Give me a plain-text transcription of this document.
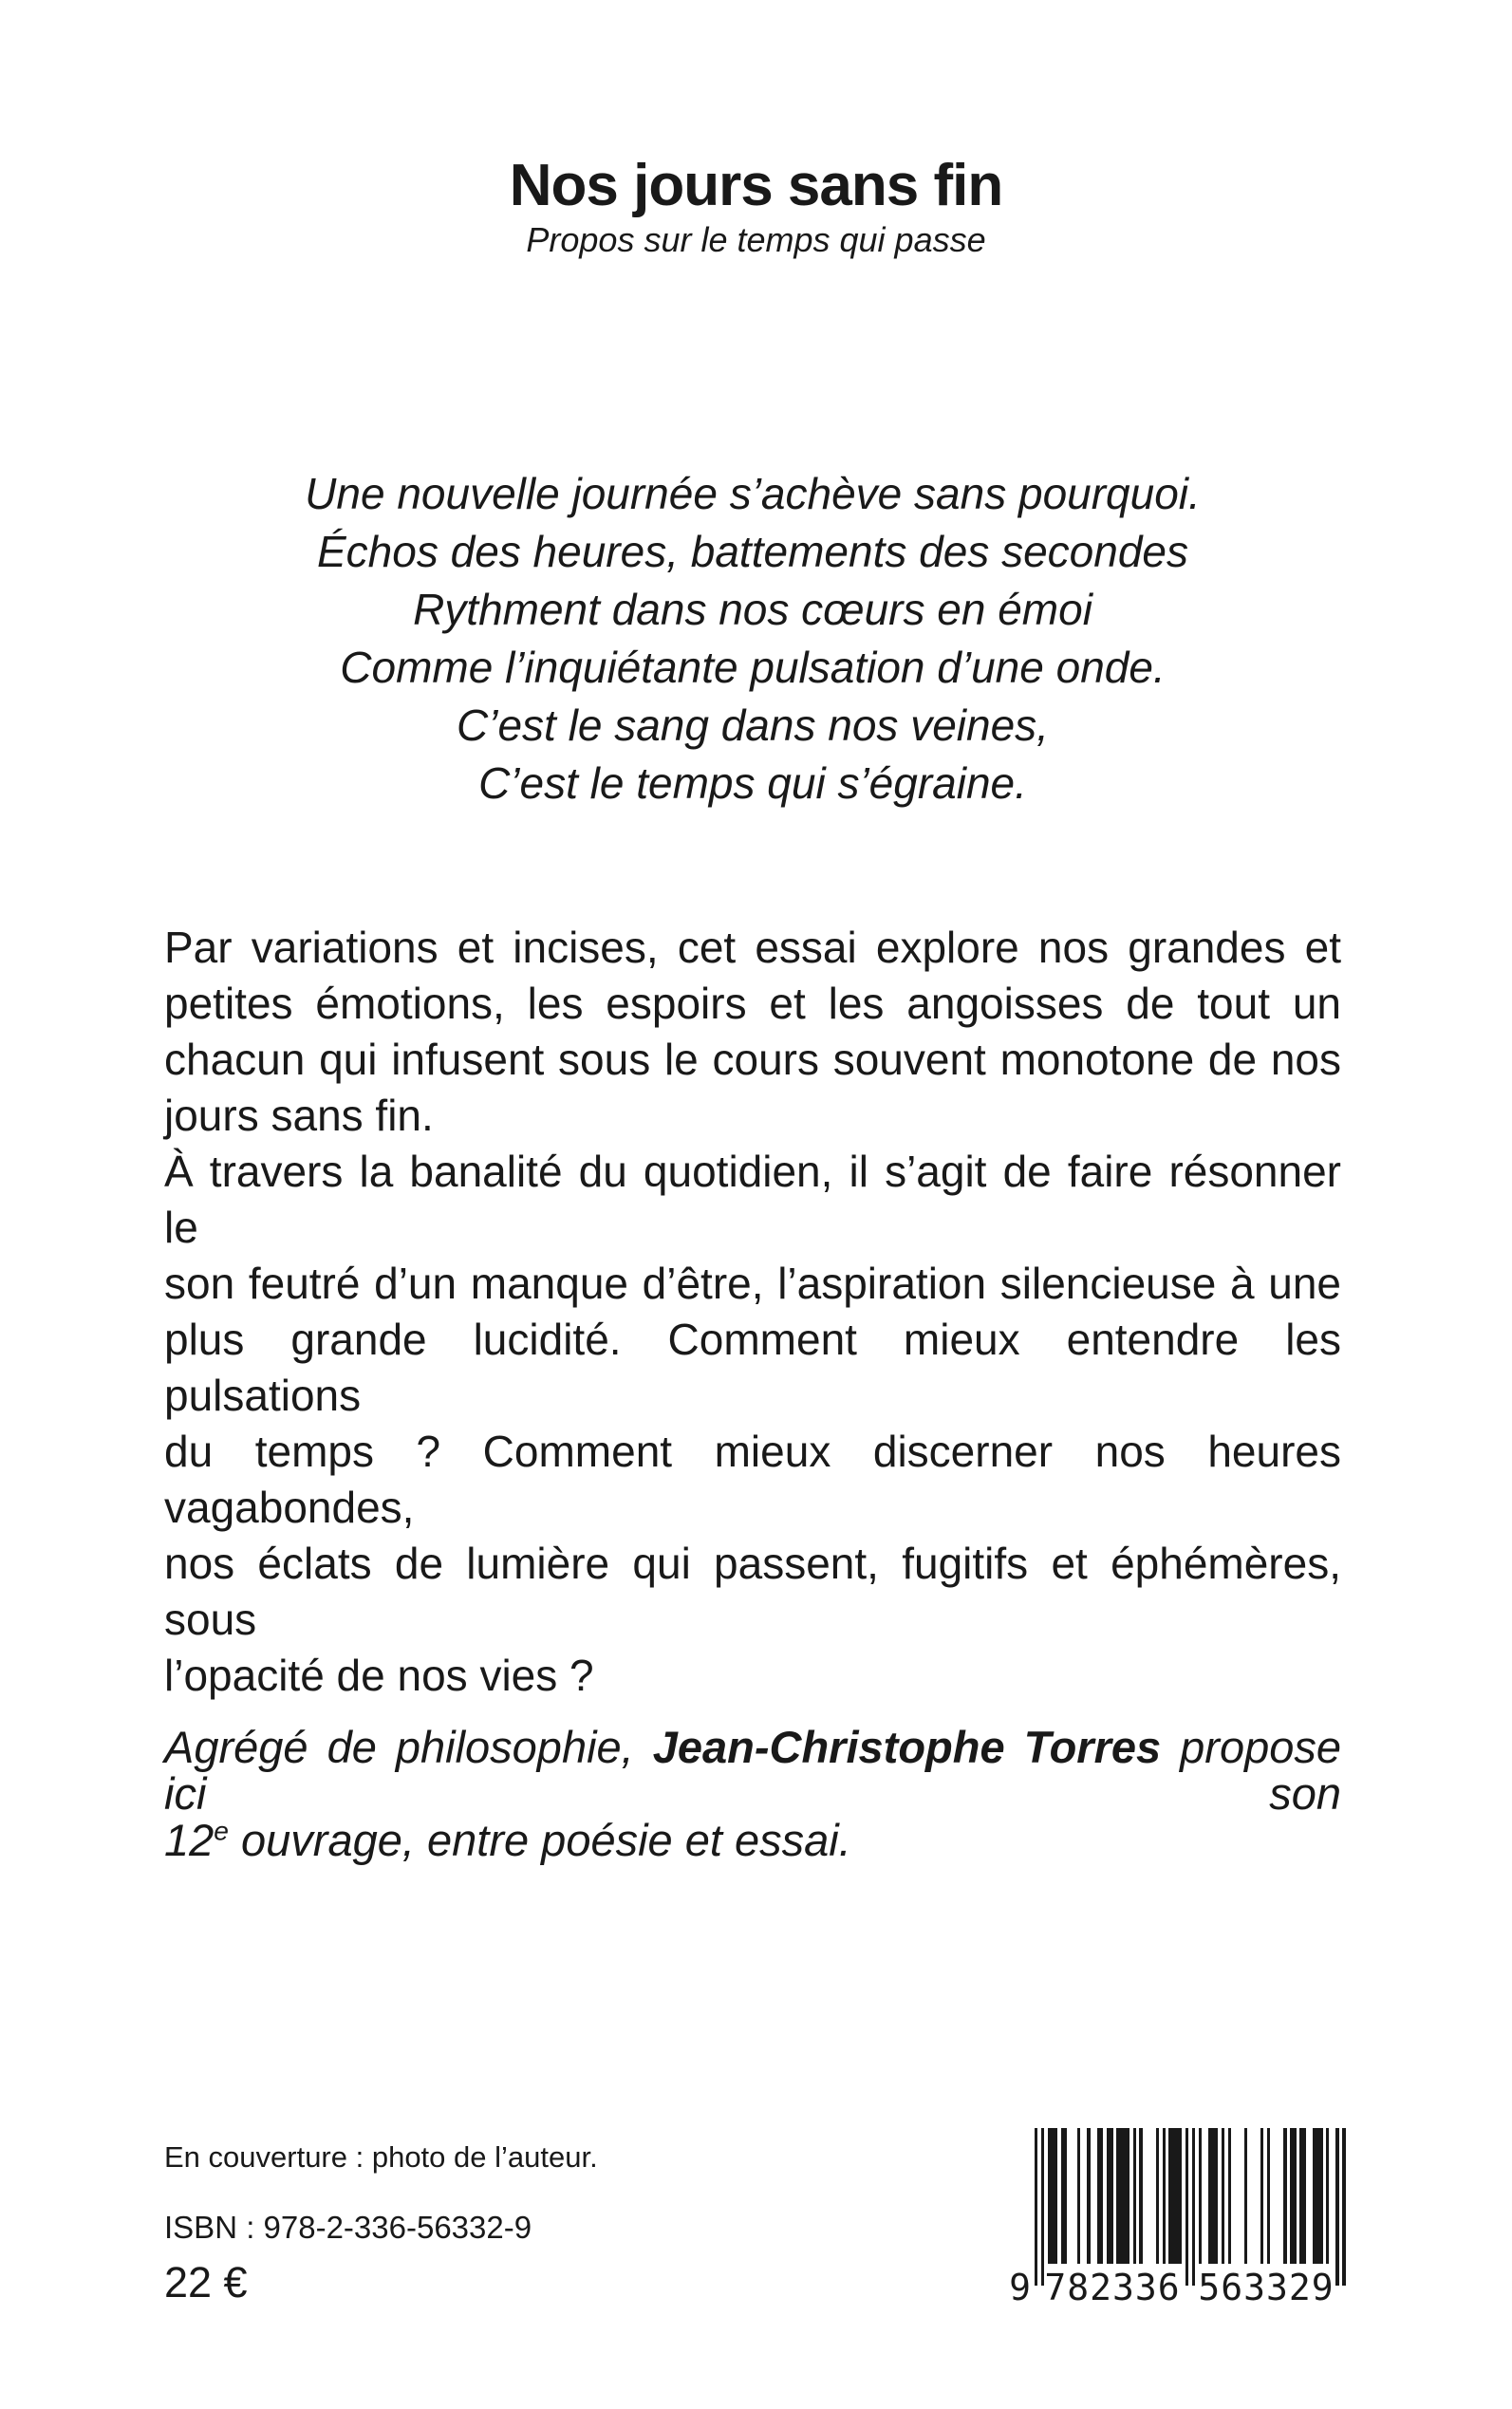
Nos jours sans fin
Propos sur le temps qui passe
Une nouvelle journée s’achève sans pourquoi.
Échos des heures, battements des secondes
Rythment dans nos cœurs en émoi
Comme l’inquiétante pulsation d’une onde.
C’est le sang dans nos veines,
C’est le temps qui s’égraine.
Par variations et incises, cet essai explore nos grandes et
petites émotions, les espoirs et les angoisses de tout un
chacun qui infusent sous le cours souvent monotone de nos
jours sans fin.
À travers la banalité du quotidien, il s’agit de faire résonner le
son feutré d’un manque d’être, l’aspiration silencieuse à une
plus grande lucidité. Comment mieux entendre les pulsations
du temps ? Comment mieux discerner nos heures vagabondes,
nos éclats de lumière qui passent, fugitifs et éphémères, sous
l’opacité de nos vies ?
Agrégé de philosophie, Jean-Christophe Torres propose ici son
12e ouvrage, entre poésie et essai.
En couverture : photo de l’auteur.
ISBN : 978-2-336-56332-9
22 €	9 782336 563329
